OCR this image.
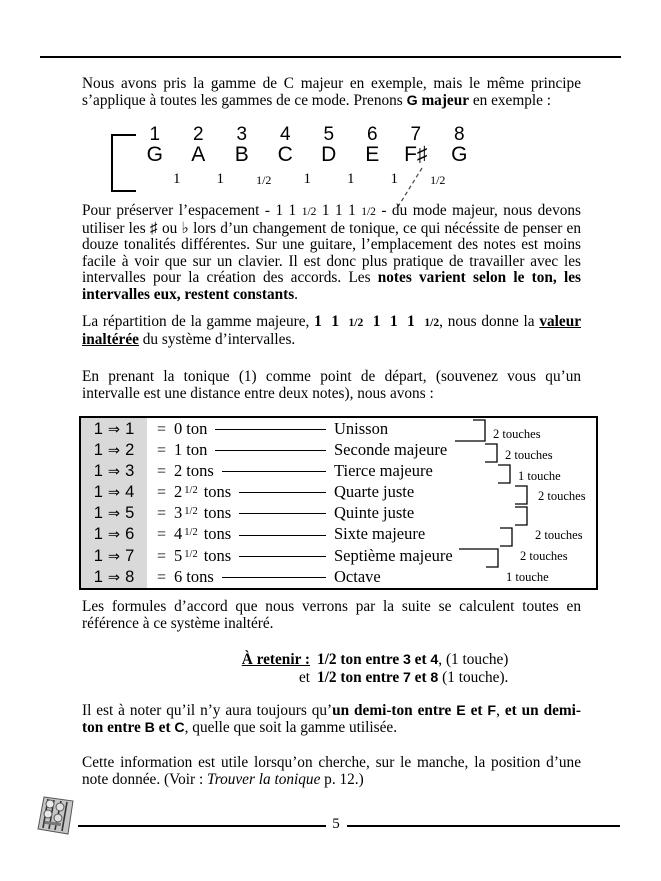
Nous avons pris la gamme de C majeur en exemple, mais le même principe s’applique à toutes les gammes de ce mode. Prenons G majeur en exemple :
1	2	3	4	5	6	7	8
G	A	B	C	D	E	F♯	G
1	1	1/2	1	1	1	1/2
Pour préserver l’espacement - 1 1 1/2 1 1 1 1/2 - du mode majeur, nous devons utiliser les ♯ ou ♭ lors d’un changement de tonique, ce qui nécéssite de penser en douze tonalités différentes. Sur une guitare, l’emplacement des notes est moins facile à voir que sur un clavier. Il est donc plus pratique de travailler avec les intervalles pour la création des accords. Les notes varient selon le ton, les intervalles eux, restent constants.
La répartition de la gamme majeure, 1  1  1/2  1  1  1  1/2, nous donne la valeur inaltérée du système d’intervalles.
En prenant la tonique (1) comme point de départ, (souvenez vous qu’un intervalle est une distance entre deux notes), nous avons :
1 ⇒ 1	= 0 ton	Unisson
1 ⇒ 2	= 1 ton	Seconde majeure
1 ⇒ 3	= 2 tons	Tierce majeure
1 ⇒ 4	= 2 $^{1/2}$ tons	Quarte juste
1 ⇒ 5	= 3 $^{1/2}$ tons	Quinte juste
1 ⇒ 6	= 4 $^{1/2}$ tons	Sixte majeure
1 ⇒ 7	= 5 $^{1/2}$ tons	Septième majeure
1 ⇒ 8	= 6 tons	Octave
2 touches
2 touches
1 touche
2 touches
2 touches
2 touches
1 touche
Les formules d’accord que nous verrons par la suite se calculent toutes en référence à ce système inaltéré.
À retenir : 1/2 ton entre 3 et 4, (1 touche)
et 1/2 ton entre 7 et 8 (1 touche).
Il est à noter qu’il n’y aura toujours qu’un demi-ton entre E et F, et un demi-ton entre B et C, quelle que soit la gamme utilisée.
Cette information est utile lorsqu’on cherche, sur le manche, la position d’une note donnée. (Voir : Trouver la tonique p. 12.)
5
